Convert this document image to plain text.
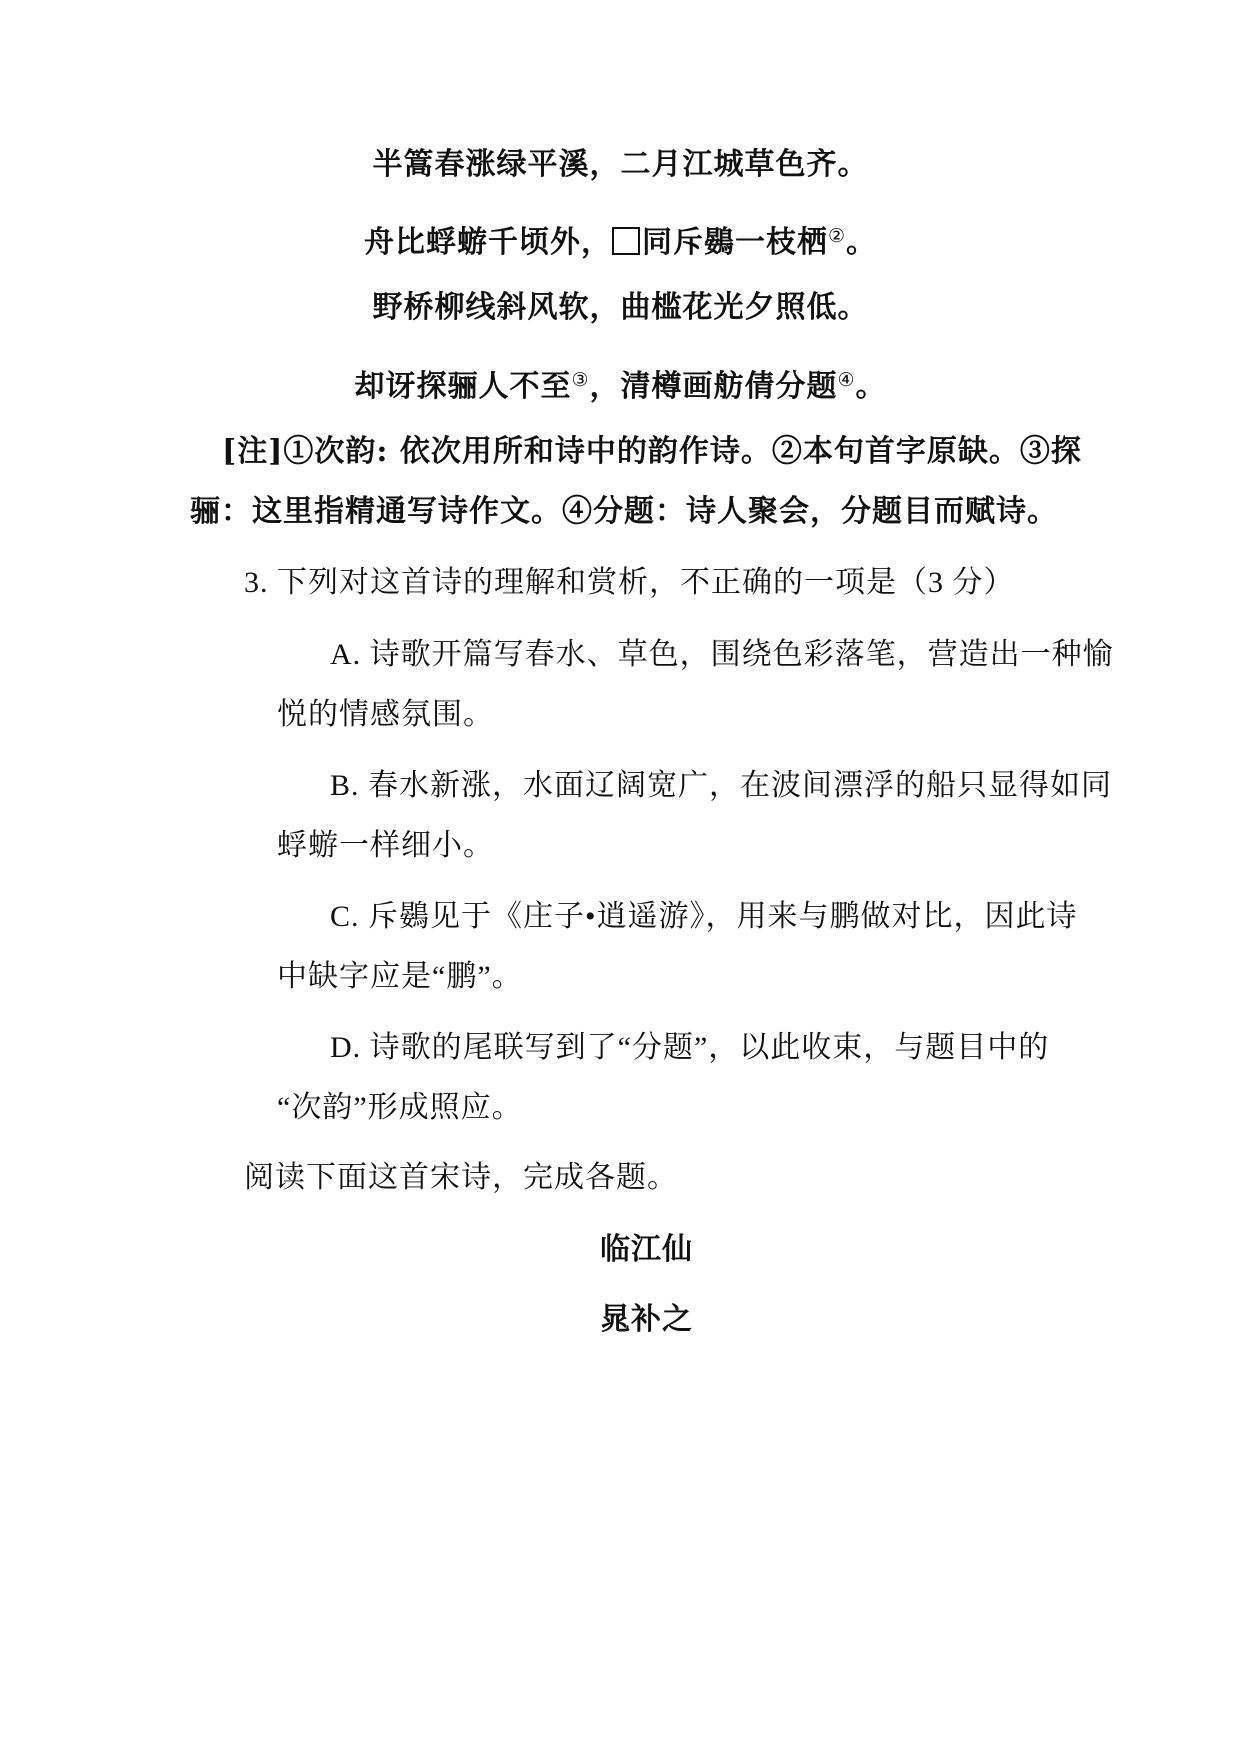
半篙春涨绿平溪，二月江城草色齐。
舟比蜉蝣千顷外， 同斥鷃一枝栖②。
野桥柳线斜风软，曲槛花光夕照低。
却讶探骊人不至③，清樽画舫倩分题④。
[注]①次韵: 依次用所和诗中的韵作诗。②本句首字原缺。③探
骊：这里指精通写诗作文。④分题：诗人聚会，分题目而赋诗。
3. 下列对这首诗的理解和赏析，不正确的一项是（3 分）
A. 诗歌开篇写春水、草色，围绕色彩落笔，营造出一种愉
悦的情感氛围。
B. 春水新涨，水面辽阔宽广，在波间漂浮的船只显得如同
蜉蝣一样细小。
C. 斥鷃见于《庄子•逍遥游》，用来与鹏做对比，因此诗
中缺字应是“鹏”。
D. 诗歌的尾联写到了“分题”，以此收束，与题目中的
“次韵”形成照应。
阅读下面这首宋诗，完成各题。
临江仙
晁补之
